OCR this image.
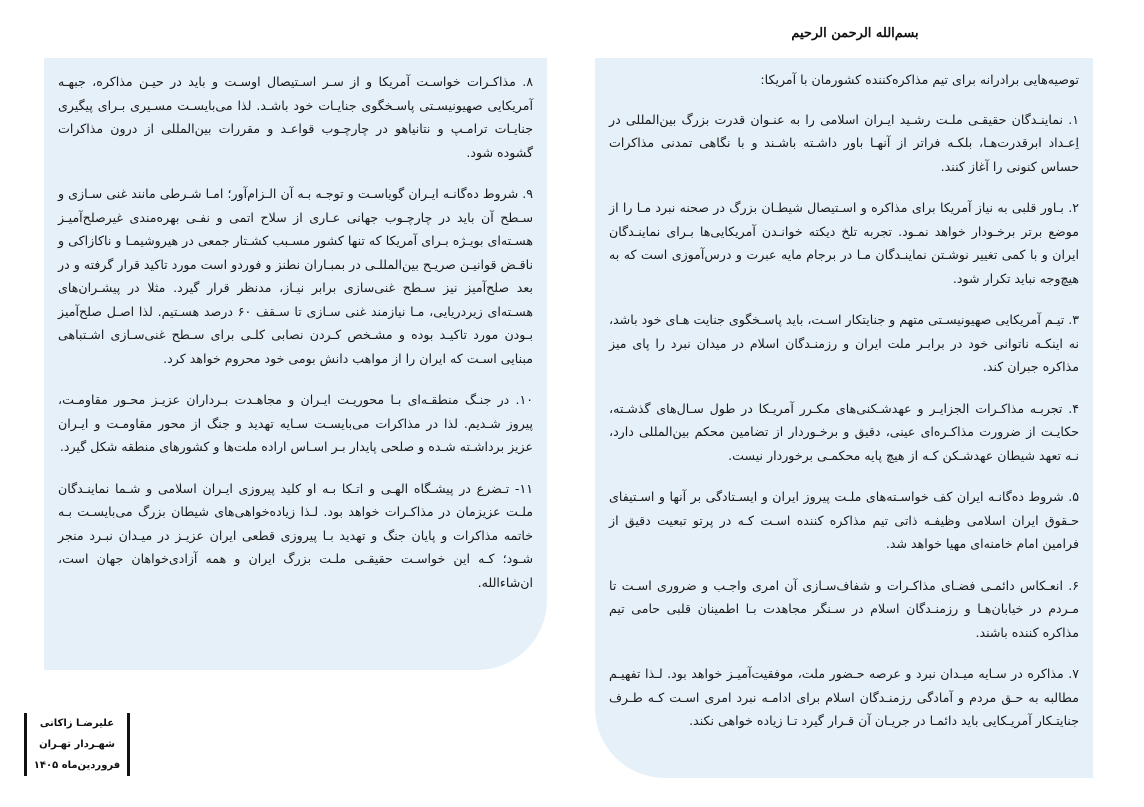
بسم‌الله الرحمن الرحیم

توصیه‌هایی برادرانه برای تیم مذاکره‌کننده کشورمان با آمریکا:

۱. نماینـدگان حقیقـی ملـت رشـید ایـران اسلامی را به عنـوان قدرت بزرگ بین‌المللی در اِعـداد ابرقدرت‌هـا، بلکـه فراتر از آنهـا باور داشـته باشـند و با نگاهی تمدنی مذاکرات حساس کنونی را آغاز کنند.

۲. بـاور قلبی به نیاز آمریکا برای مذاکره و اسـتیصال شیطـان بزرگ در صحنه نبرد مـا را از موضع برتر برخـودار خواهد نمـود. تجربه تلخ دیکته خوانـدن آمریکایی‌ها بـرای نماینـدگان ایران و با کمی تغییر نوشـتن نماینـدگان مـا در برجام مایه عبرت و درس‌آموزی است که به هیچ‌وجه نباید تکرار شود.

۳. تیـم آمریکایی صهیونیسـتی متهم و جنایتکار اسـت، باید پاسـخگوی جنایت هـای خود باشد، نه اینکـه ناتوانی خود در برابـر ملت ایران و رزمنـدگان اسلام در میدان نبرد را پای میز مذاکره جبران کند.

۴. تجربـه مذاکـرات الجزایـر و عهدشـکنی‌های مکـرر آمریـکا در طول سـال‌های گذشـته، حکایـت از ضرورت مذاکـره‌ای عینی، دقیق و برخـوردار از تضامین محکم بین‌المللی دارد، نـه تعهد شیطان عهدشـکن کـه از هیچ پایه محکمـی برخوردار نیست.

۵. شروط ده‌گانـه ایران کف خواسـته‌های ملـت پیروز ایران و ایسـتادگی بر آنها و اسـتیفای حـقوق ایران اسلامی وظیفـه ذاتی تیم مذاکره کننده اسـت کـه در پرتو تبعیت دقیق از فرامین امام خامنه‌ای مهیا خواهد شد.

۶. انعـکاس دائمـی فضـای مذاکـرات و شفاف‌سـازی آن امری واجـب و ضروری اسـت تا مـردم در خیابان‌هـا و رزمنـدگان اسلام در سـنگر مجاهدت بـا اطمینان قلبی حامی تیم مذاکره کننده باشند.

۷. مذاکره در سـایه میـدان نبرد و عرصه حـضور ملت، موفقیت‌آمیـز خواهد بود. لـذا تفهیـم مطالبه به حـق مردم و آمادگی رزمنـدگان اسلام برای ادامـه نبرد امری اسـت کـه طـرف جنایتـکار آمریـکایی باید دائمـا در جریـان آن قـرار گیرد تـا زیاده خواهی نکند.

۸. مذاکـرات خواسـت آمریکا و از سـر اسـتیصال اوسـت و باید در حیـن مذاکره، جبهـه آمریکایی صهیونیسـتی پاسـخگوی جنایـات خود باشـد. لذا می‌بایسـت مسـیری بـرای پیگیری جنایـات ترامـپ و نتانیاهو در چارچـوب قواعـد و مقررات بین‌المللی از درون مذاکرات گشوده شود.

۹. شروط ده‌گانـه ایـران گویاسـت و توجـه بـه آن الـزام‌آور؛ امـا شـرطی مانند غنی سـازی و سـطح آن باید در چارچـوب جهانی عـاری از سلاح اتمی و نفـی بهره‌مندی غیرصلح‌آمیـز هسـته‌ای بویـژه بـرای آمریکا که تنها کشور مسـبب کشـتار جمعی در هیروشیمـا و ناکازاکی و ناقـض قوانیـن صریـح بین‌المللـی در بمبـاران نطنز و فوردو است مورد تاکید قرار گرفته و در بعد صلح‌آمیز نیز سـطح غنی‌سازی برابر نیـاز، مدنظر قرار گیرد. مثلا در پیشـران‌های هسـته‌ای زیردریایی، مـا نیازمند غنی سـازی تا سـقف ۶۰ درصد هسـتیم. لذا اصـل صلح‌آمیز بـودن مورد تاکیـد بوده و مشـخص کـردن نصابی کلـی برای سـطح غنی‌سـازی اشـتباهی مبنایی اسـت که ایران را از مواهب دانش بومی خود محروم خواهد کرد.

۱۰. در جنـگ منطقـه‌ای بـا محوریـت ایـران و مجاهـدت بـرداران عزیـز محـور مقاومـت، پیروز شـدیم. لذا در مذاکرات می‌بایسـت سـایه تهدید و جنگ از محور مقاومـت و ایـران عزیز برداشـته شـده و صلحی پایدار بـر اسـاس اراده ملت‌ها و کشورهای منطقه شکل گیرد.

۱۱- تـضرع در پیشـگاه الهـی و اتـکا بـه او کلید پیروزی ایـران اسلامی و شـما نماینـدگان ملـت عزیزمان در مذاکـرات خواهد بود. لـذا زیاده‌خواهی‌های شیطان بزرگ می‌بایسـت بـه خاتمه مذاکرات و پایان جنگ و تهدید بـا پیروزی قطعی ایران عزیـز در میـدان نبـرد منجر شـود؛ کـه این خواسـت حقیقـی ملـت بزرگ ایران و همه آزادی‌خواهان جهان است، ان‌شاءالله.

علیرضـا زاکانی
شهـردار تهـران
فروردین‌ماه ۱۴۰۵
